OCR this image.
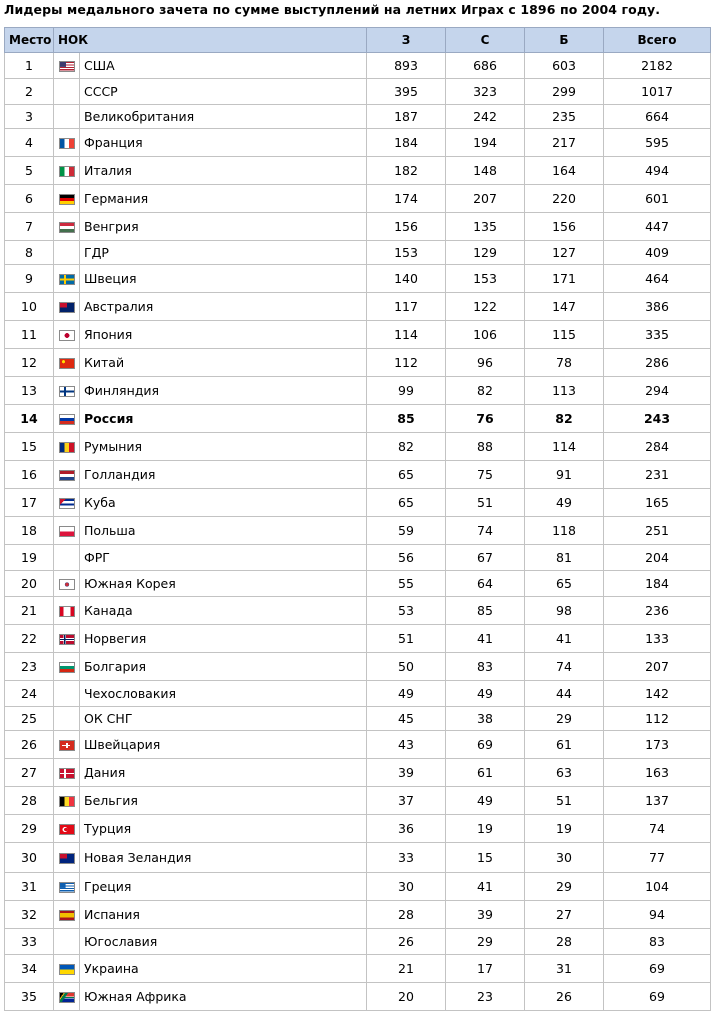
Лидеры медального зачета по сумме выступлений на летних Играх с 1896 по 2004 году.
Место	НОК		З	С	Б	Всего
1		США	893	686	603	2182
2		СССР	395	323	299	1017
3		Великобритания	187	242	235	664
4		Франция	184	194	217	595
5		Италия	182	148	164	494
6		Германия	174	207	220	601
7		Венгрия	156	135	156	447
8		ГДР	153	129	127	409
9		Швеция	140	153	171	464
10		Австралия	117	122	147	386
11		Япония	114	106	115	335
12		Китай	112	96	78	286
13		Финляндия	99	82	113	294
14		Россия	85	76	82	243
15		Румыния	82	88	114	284
16		Голландия	65	75	91	231
17		Куба	65	51	49	165
18		Польша	59	74	118	251
19		ФРГ	56	67	81	204
20		Южная Корея	55	64	65	184
21		Канада	53	85	98	236
22		Норвегия	51	41	41	133
23		Болгария	50	83	74	207
24		Чехословакия	49	49	44	142
25		ОК СНГ	45	38	29	112
26		Швейцария	43	69	61	173
27		Дания	39	61	63	163
28		Бельгия	37	49	51	137
29		Турция	36	19	19	74
30		Новая Зеландия	33	15	30	77
31		Греция	30	41	29	104
32		Испания	28	39	27	94
33		Югославия	26	29	28	83
34		Украина	21	17	31	69
35		Южная Африка	20	23	26	69
